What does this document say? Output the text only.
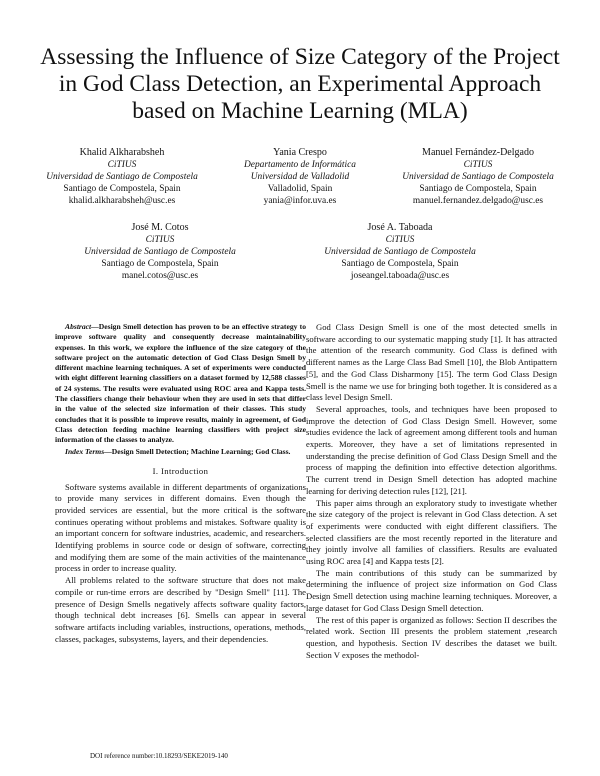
Assessing the Influence of Size Category of the Project in God Class Detection, an Experimental Approach based on Machine Learning (MLA)
Khalid Alkharabsheh
CiTIUS
Universidad de Santiago de Compostela
Santiago de Compostela, Spain
khalid.alkharabsheh@usc.es
Yania Crespo
Departamento de Informática
Universidad de Valladolid
Valladolid, Spain
yania@infor.uva.es
Manuel Fernández-Delgado
CiTIUS
Universidad de Santiago de Compostela
Santiago de Compostela, Spain
manuel.fernandez.delgado@usc.es
José M. Cotos
CiTIUS
Universidad de Santiago de Compostela
Santiago de Compostela, Spain
manel.cotos@usc.es
José A. Taboada
CiTIUS
Universidad de Santiago de Compostela
Santiago de Compostela, Spain
joseangel.taboada@usc.es

Abstract—Design Smell detection has proven to be an effective strategy to improve software quality and consequently decrease maintainability expenses. In this work, we explore the influence of the size category of the software project on the automatic detection of God Class Design Smell by different machine learning techniques. A set of experiments were conducted with eight different learning classifiers on a dataset formed by 12,588 classes of 24 systems. The results were evaluated using ROC area and Kappa tests. The classifiers change their behaviour when they are used in sets that differ in the value of the selected size information of their classes. This study concludes that it is possible to improve results, mainly in agreement, of God Class detection feeding machine learning classifiers with project size information of the classes to analyze.

Index Terms—Design Smell Detection; Machine Learning; God Class.

I. Introduction

Software systems available in different departments of organizations to provide many services in different domains. Even though the provided services are essential, but the more critical is the software continues operating without problems and mistakes. Software quality is an important concern for software industries, academic, and researchers. Identifying problems in source code or design of software, correcting and modifying them are some of the main activities of the maintenance process in order to increase quality.

All problems related to the software structure that does not make compile or run-time errors are described by "Design Smell" [11]. The presence of Design Smells negatively affects software quality factors, though technical debt increases [6]. Smells can appear in several software artifacts including variables, instructions, operations, methods, classes, packages, subsystems, layers, and their dependencies.

God Class Design Smell is one of the most detected smells in software according to our systematic mapping study [1]. It has attracted the attention of the research community. God Class is defined with different names as the Large Class Bad Smell [10], the Blob Antipattern [5], and the God Class Disharmony [15]. The term God Class Design Smell is the name we use for bringing both together. It is considered as a class level Design Smell.

Several approaches, tools, and techniques have been proposed to improve the detection of God Class Design Smell. However, some studies evidence the lack of agreement among different tools and human experts. Moreover, they have a set of limitations represented in understanding the precise definition of God Class Design Smell and the process of mapping the definition into effective detection algorithms. The current trend in Design Smell detection has adopted machine learning for deriving detection rules [12], [21].

This paper aims through an exploratory study to investigate whether the size category of the project is relevant in God Class detection. A set of experiments were conducted with eight different classifiers. The selected classifiers are the most recently reported in the literature and they jointly involve all families of classifiers. Results are evaluated using ROC area [4] and Kappa tests [2].

The main contributions of this study can be summarized by determining the influence of project size information on God Class Design Smell detection using machine learning techniques. Moreover, a large dataset for God Class Design Smell detection.

The rest of this paper is organized as follows: Section II describes the related work. Section III presents the problem statement ,research question, and hypothesis. Section IV describes the dataset we built. Section V exposes the methodol-

DOI reference number:10.18293/SEKE2019-140
